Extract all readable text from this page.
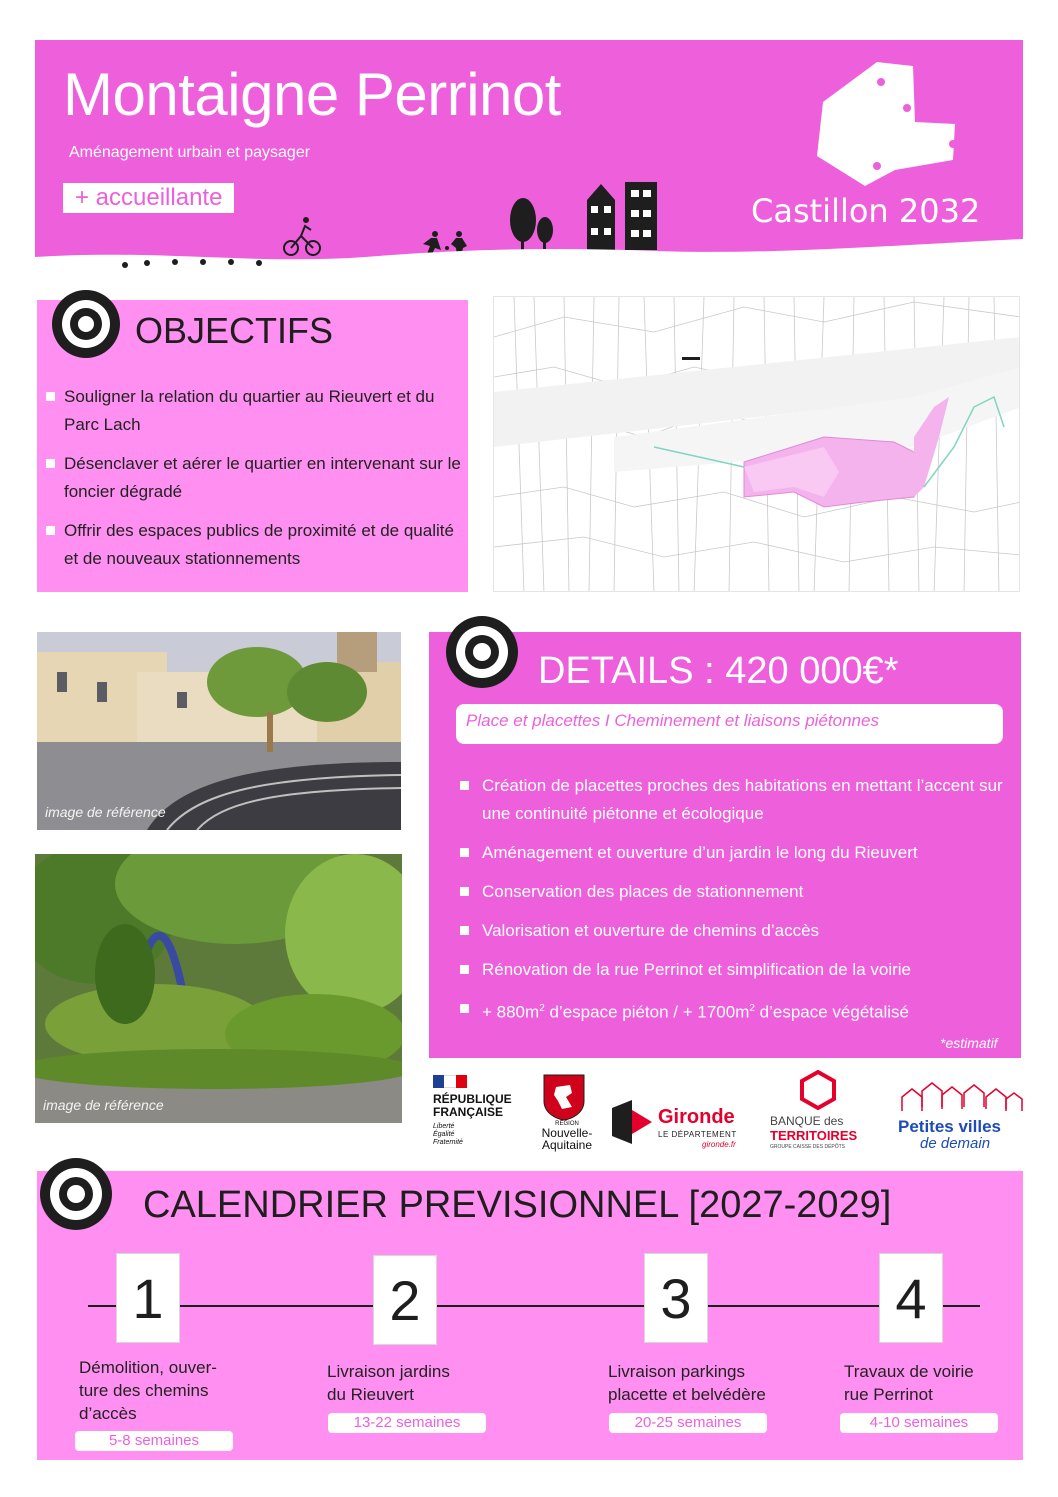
Montaigne Perrinot
Aménagement urbain et paysager
+ accueillante	Castillon 2032
OBJECTIFS
Souligner la relation du quartier au Rieuvert et du Parc Lach
Désenclaver et aérer le quartier en intervenant sur le foncier dégradé
Offrir des espaces publics de proximité et de qualité et de nouveaux stationnements
image de référence
image de référence
DETAILS : 420 000€*
Place et placettes I Cheminement et liaisons piétonnes
Création de placettes proches des habitations en mettant l’accent sur une continuité piétonne et écologique
Aménagement et ouverture d’un jardin le long du Rieuvert
Conservation des places de stationnement
Valorisation et ouverture de chemins d’accès
Rénovation de la rue Perrinot et simplification de la voirie
+ $880m^2$ d’espace piéton / + $1700m^2$ d’espace végétalisé
*estimatif
RÉPUBLIQUE
FRANÇAISE
Liberté
Égalité
Fraternité
RÉGION
Nouvelle-
Aquitaine
Gironde
LE DÉPARTEMENT
gironde.fr
BANQUE des
TERRITOIRES
GROUPE CAISSE DES DÉPÔTS
Petites villes
de demain
CALENDRIER PREVISIONNEL [2027-2029]
1
Démolition, ouver-
ture des chemins
d’accès
5-8 semaines
2
Livraison jardins
du Rieuvert
13-22 semaines
3
Livraison parkings
placette et belvédère
20-25 semaines
4
Travaux de voirie
rue Perrinot
4-10 semaines
